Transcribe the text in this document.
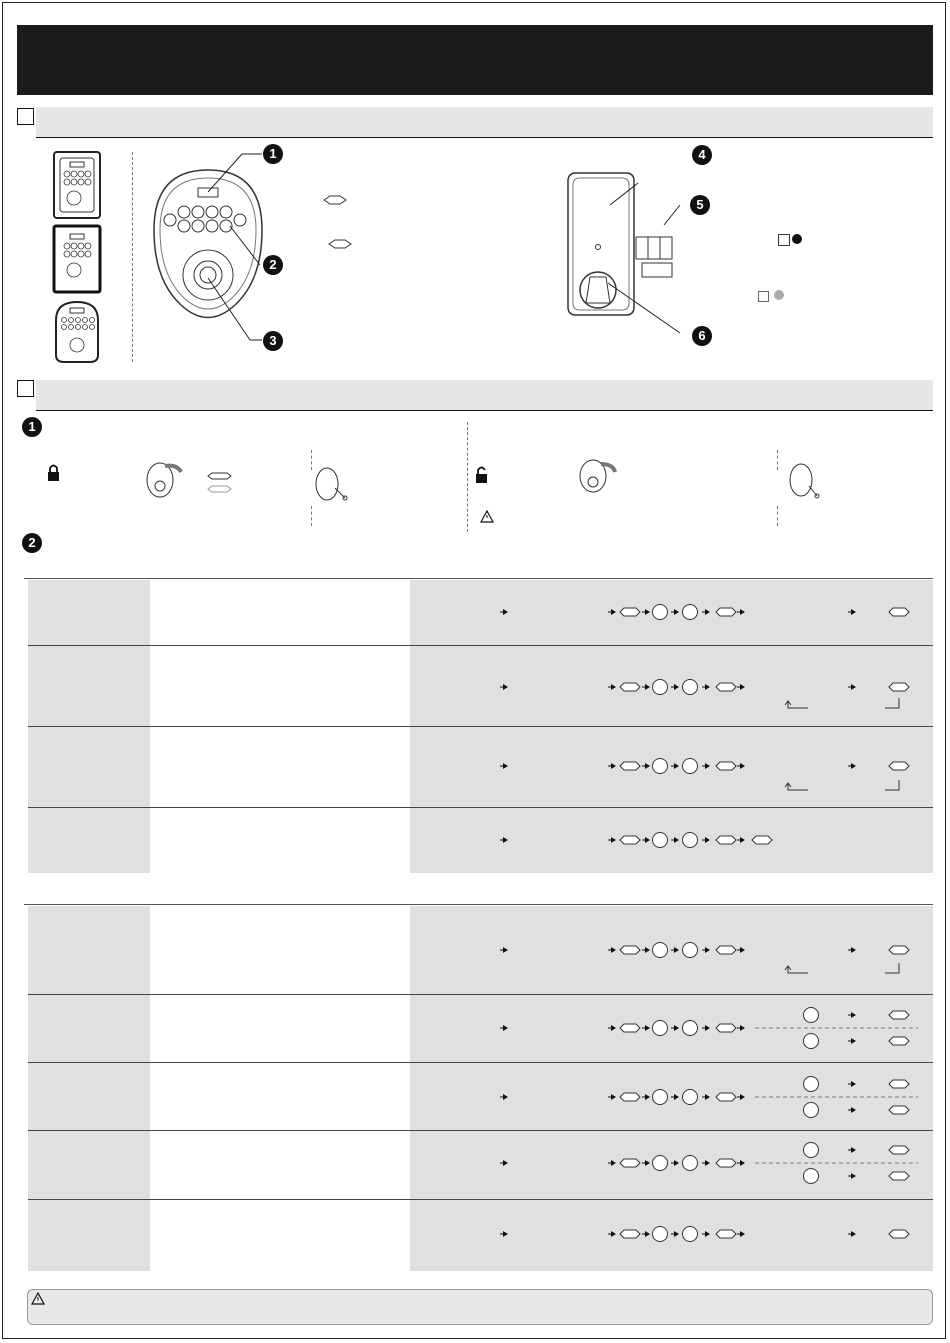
1
2
3
4
5
6
1
2
